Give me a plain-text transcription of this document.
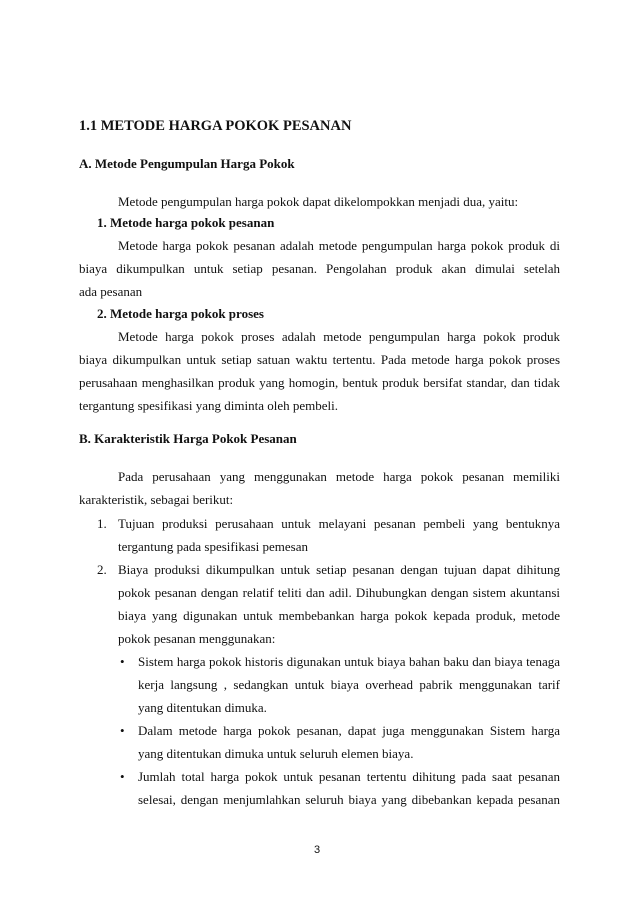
1.1 METODE HARGA POKOK PESANAN
A. Metode Pengumpulan Harga Pokok
Metode pengumpulan harga pokok dapat dikelompokkan menjadi dua, yaitu:
1. Metode harga pokok pesanan
Metode harga pokok pesanan adalah metode pengumpulan harga pokok produk di
biaya dikumpulkan untuk setiap pesanan. Pengolahan produk akan dimulai setelah
ada pesanan
2. Metode harga pokok proses
Metode harga pokok proses adalah metode pengumpulan harga pokok produk
biaya dikumpulkan untuk setiap satuan waktu tertentu. Pada metode harga pokok proses
perusahaan menghasilkan produk yang homogin, bentuk produk bersifat standar, dan tidak
tergantung spesifikasi yang diminta oleh pembeli.
B. Karakteristik Harga Pokok Pesanan
Pada perusahaan yang menggunakan metode harga pokok pesanan memiliki
karakteristik, sebagai berikut:
1. Tujuan produksi perusahaan untuk melayani pesanan pembeli yang bentuknya
tergantung pada spesifikasi pemesan
2. Biaya produksi dikumpulkan untuk setiap pesanan dengan tujuan dapat dihitung
pokok pesanan dengan relatif teliti dan adil. Dihubungkan dengan sistem akuntansi
biaya yang digunakan untuk membebankan harga pokok kepada produk, metode
pokok pesanan menggunakan:
• Sistem harga pokok historis digunakan untuk biaya bahan baku dan biaya tenaga
kerja langsung , sedangkan untuk biaya overhead pabrik menggunakan tarif
yang ditentukan dimuka.
• Dalam metode harga pokok pesanan, dapat juga menggunakan Sistem harga
yang ditentukan dimuka untuk seluruh elemen biaya.
• Jumlah total harga pokok untuk pesanan tertentu dihitung pada saat pesanan
selesai, dengan menjumlahkan seluruh biaya yang dibebankan kepada pesanan
3
